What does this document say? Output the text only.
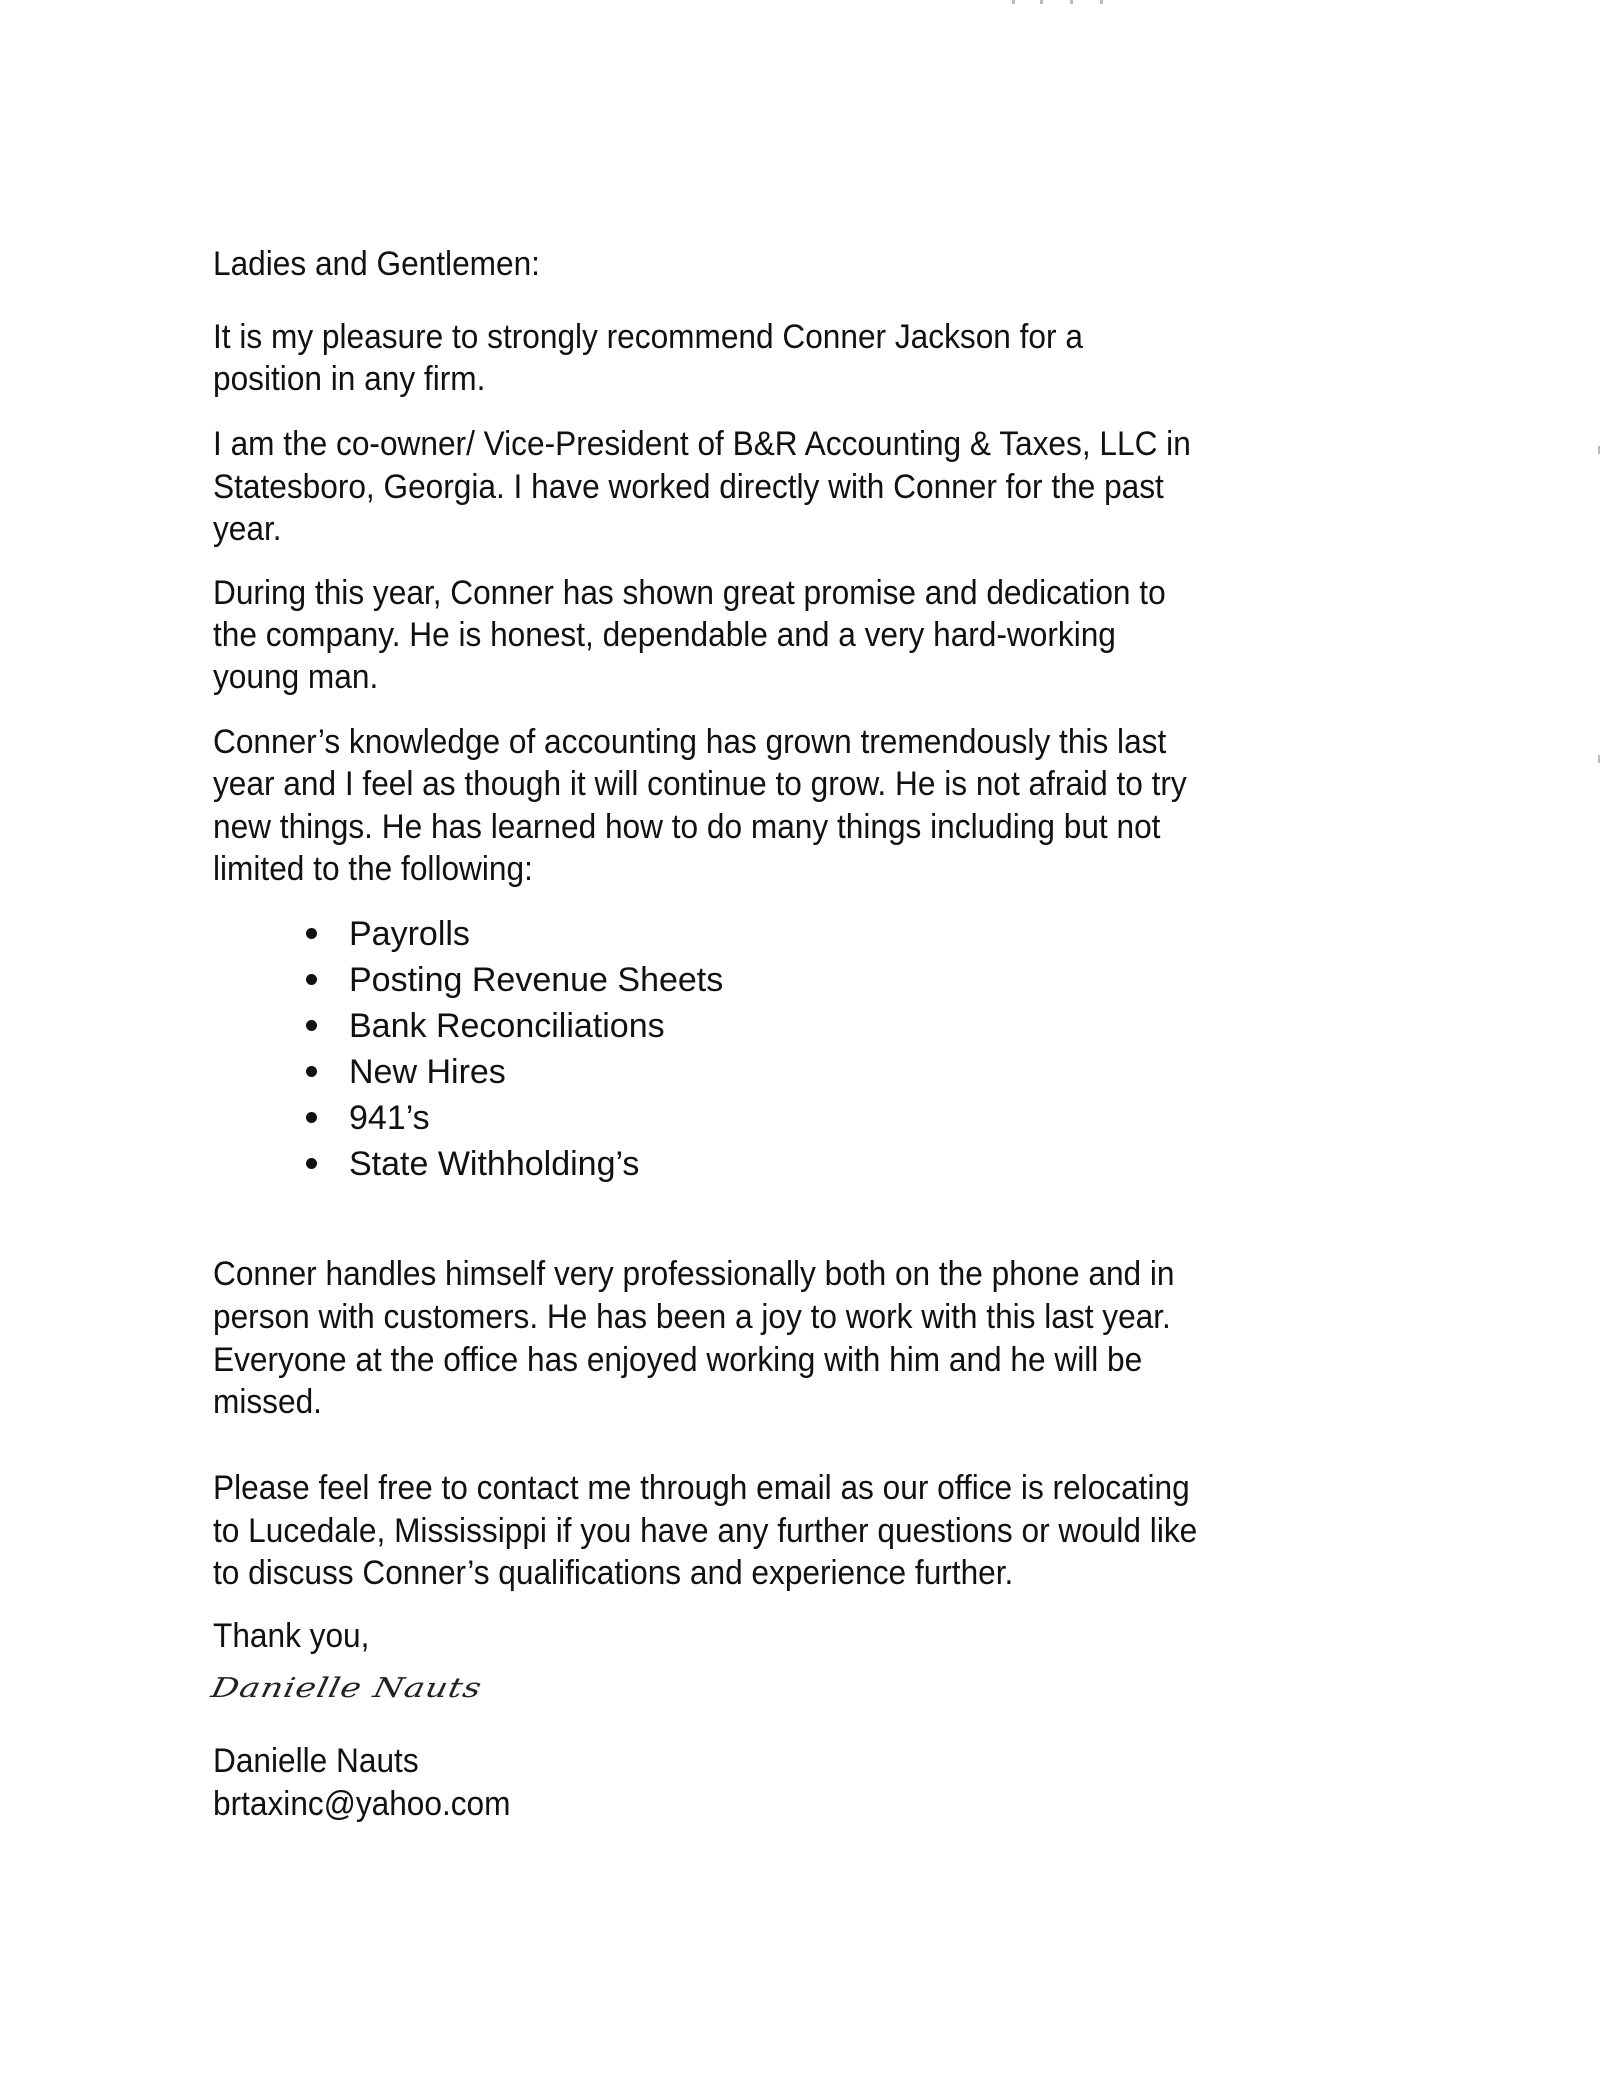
Ladies and Gentlemen:
It is my pleasure to strongly recommend Conner Jackson for a
position in any firm.
I am the co-owner/ Vice-President of B&R Accounting & Taxes, LLC in
Statesboro, Georgia. I have worked directly with Conner for the past
year.
During this year, Conner has shown great promise and dedication to
the company. He is honest, dependable and a very hard-working
young man.
Conner’s knowledge of accounting has grown tremendously this last
year and I feel as though it will continue to grow. He is not afraid to try
new things. He has learned how to do many things including but not
limited to the following:
Payrolls
Posting Revenue Sheets
Bank Reconciliations
New Hires
941’s
State Withholding’s
Conner handles himself very professionally both on the phone and in
person with customers. He has been a joy to work with this last year.
Everyone at the office has enjoyed working with him and he will be
missed.
Please feel free to contact me through email as our office is relocating
to Lucedale, Mississippi if you have any further questions or would like
to discuss Conner’s qualifications and experience further.
Thank you,
Danielle Nauts
Danielle Nauts
brtaxinc@yahoo.com
